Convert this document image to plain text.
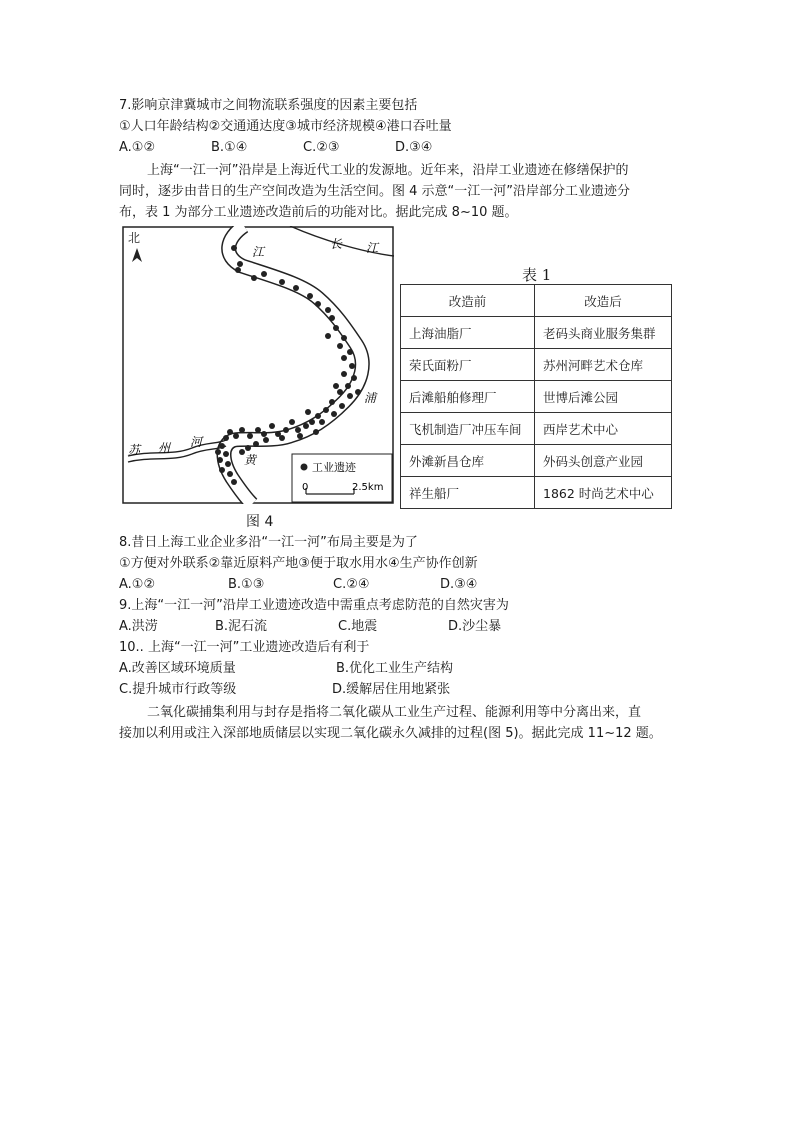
7.影响京津冀城市之间物流联系强度的因素主要包括
①人口年龄结构②交通通达度③城市经济规模④港口吞吐量
A.①②	B.①④	C.②③	D.③④
上海“一江一河”沿岸是上海近代工业的发源地。近年来，沿岸工业遗迹在修缮保护的
同时，逐步由昔日的生产空间改造为生活空间。图 4 示意“一江一河”沿岸部分工业遗迹分
布，表 1 为部分工业遗迹改造前后的功能对比。据此完成 8~10 题。
北
江
长 江
浦
苏 州 河
黄
工业遗迹
0	2.5km
图 4
表 1
改造前	改造后
上海油脂厂	老码头商业服务集群
荣氏面粉厂	苏州河畔艺术仓库
后滩船舶修理厂	世博后滩公园
飞机制造厂冲压车间	西岸艺术中心
外滩新昌仓库	外码头创意产业园
祥生船厂	1862 时尚艺术中心
8.昔日上海工业企业多沿“一江一河”布局主要是为了
①方便对外联系②靠近原料产地③便于取水用水④生产协作创新
A.①②	B.①③	C.②④	D.③④
9.上海“一江一河”沿岸工业遗迹改造中需重点考虑防范的自然灾害为
A.洪涝	B.泥石流	C.地震	D.沙尘暴
10.. 上海“一江一河”工业遗迹改造后有利于
A.改善区域环境质量	B.优化工业生产结构
C.提升城市行政等级	D.缓解居住用地紧张
二氧化碳捕集利用与封存是指将二氧化碳从工业生产过程、能源利用等中分离出来，直
接加以利用或注入深部地质储层以实现二氧化碳永久减排的过程(图 5)。据此完成 11~12 题。
